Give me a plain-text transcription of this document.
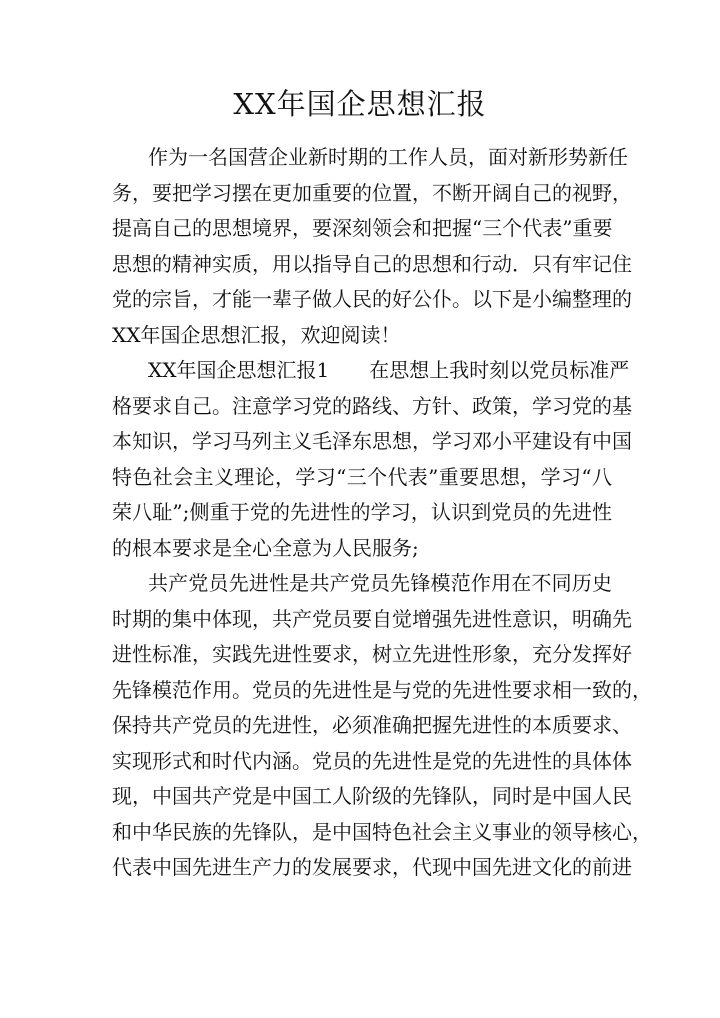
XX年国企思想汇报

作为一名国营企业新时期的工作人员，面对新形势新任
务，要把学习摆在更加重要的位置，不断开阔自己的视野，
提高自己的思想境界，要深刻领会和把握“三个代表”重要
思想的精神实质，用以指导自己的思想和行动．只有牢记住
党的宗旨，才能一辈子做人民的好公仆。以下是小编整理的
XX年国企思想汇报，欢迎阅读！

XX年国企思想汇报1　　在思想上我时刻以党员标准严
格要求自己。注意学习党的路线、方针、政策，学习党的基
本知识，学习马列主义毛泽东思想，学习邓小平建设有中国
特色社会主义理论，学习“三个代表”重要思想，学习“八
荣八耻”;侧重于党的先进性的学习，认识到党员的先进性
的根本要求是全心全意为人民服务;

共产党员先进性是共产党员先锋模范作用在不同历史
时期的集中体现，共产党员要自觉增强先进性意识，明确先
进性标准，实践先进性要求，树立先进性形象，充分发挥好
先锋模范作用。党员的先进性是与党的先进性要求相一致的，
保持共产党员的先进性，必须准确把握先进性的本质要求、
实现形式和时代内涵。党员的先进性是党的先进性的具体体
现，中国共产党是中国工人阶级的先锋队，同时是中国人民
和中华民族的先锋队，是中国特色社会主义事业的领导核心，
代表中国先进生产力的发展要求，代现中国先进文化的前进
